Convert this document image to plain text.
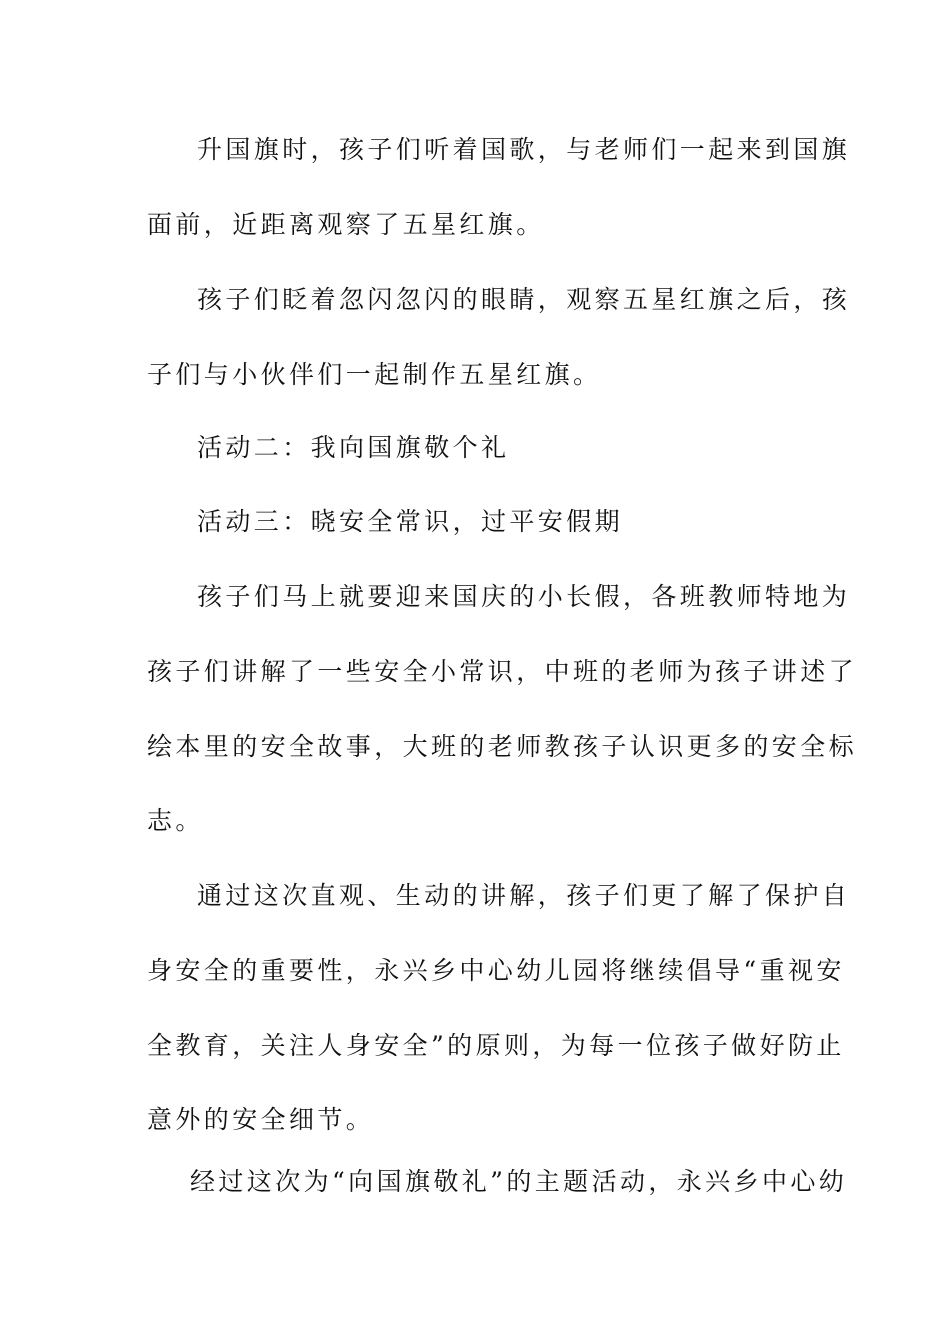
升国旗时，孩子们听着国歌，与老师们一起来到国旗
面前，近距离观察了五星红旗。
孩子们眨着忽闪忽闪的眼睛，观察五星红旗之后，孩
子们与小伙伴们一起制作五星红旗。
活动二：我向国旗敬个礼
活动三：晓安全常识，过平安假期
孩子们马上就要迎来国庆的小长假，各班教师特地为
孩子们讲解了一些安全小常识，中班的老师为孩子讲述了
绘本里的安全故事，大班的老师教孩子认识更多的安全标
志。
通过这次直观、生动的讲解，孩子们更了解了保护自
身安全的重要性，永兴乡中心幼儿园将继续倡导“重视安
全教育，关注人身安全”的原则，为每一位孩子做好防止
意外的安全细节。
经过这次为“向国旗敬礼”的主题活动，永兴乡中心幼
